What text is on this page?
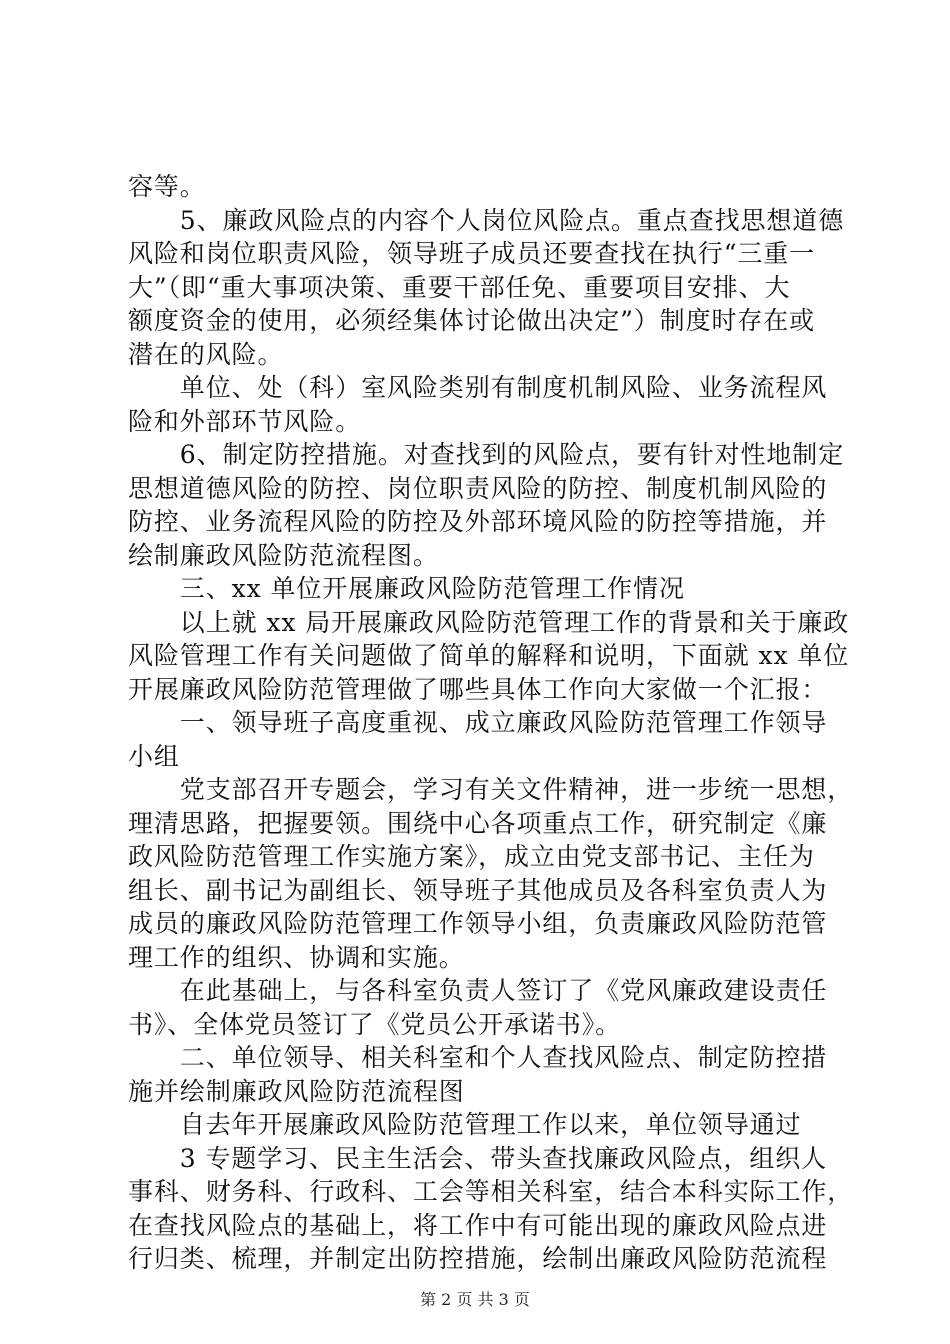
容等。
　　5、廉政风险点的内容个人岗位风险点。重点查找思想道德
风险和岗位职责风险，领导班子成员还要查找在执行“三重一
大”（即“重大事项决策、重要干部任免、重要项目安排、大
额度资金的使用，必须经集体讨论做出决定”）制度时存在或
潜在的风险。
　　单位、处（科）室风险类别有制度机制风险、业务流程风
险和外部环节风险。
　　6、制定防控措施。对查找到的风险点，要有针对性地制定
思想道德风险的防控、岗位职责风险的防控、制度机制风险的
防控、业务流程风险的防控及外部环境风险的防控等措施，并
绘制廉政风险防范流程图。
　　三、xx 单位开展廉政风险防范管理工作情况
　　以上就 xx 局开展廉政风险防范管理工作的背景和关于廉政
风险管理工作有关问题做了简单的解释和说明，下面就 xx 单位
开展廉政风险防范管理做了哪些具体工作向大家做一个汇报：
　　一、领导班子高度重视、成立廉政风险防范管理工作领导
小组
　　党支部召开专题会，学习有关文件精神，进一步统一思想，
理清思路，把握要领。围绕中心各项重点工作，研究制定《廉
政风险防范管理工作实施方案》，成立由党支部书记、主任为
组长、副书记为副组长、领导班子其他成员及各科室负责人为
成员的廉政风险防范管理工作领导小组，负责廉政风险防范管
理工作的组织、协调和实施。
　　在此基础上，与各科室负责人签订了《党风廉政建设责任
书》、全体党员签订了《党员公开承诺书》。
　　二、单位领导、相关科室和个人查找风险点、制定防控措
施并绘制廉政风险防范流程图
　　自去年开展廉政风险防范管理工作以来，单位领导通过
　　3 专题学习、民主生活会、带头查找廉政风险点，组织人
事科、财务科、行政科、工会等相关科室，结合本科实际工作，
在查找风险点的基础上，将工作中有可能出现的廉政风险点进
行归类、梳理，并制定出防控措施，绘制出廉政风险防范流程
第 2 页 共 3 页
